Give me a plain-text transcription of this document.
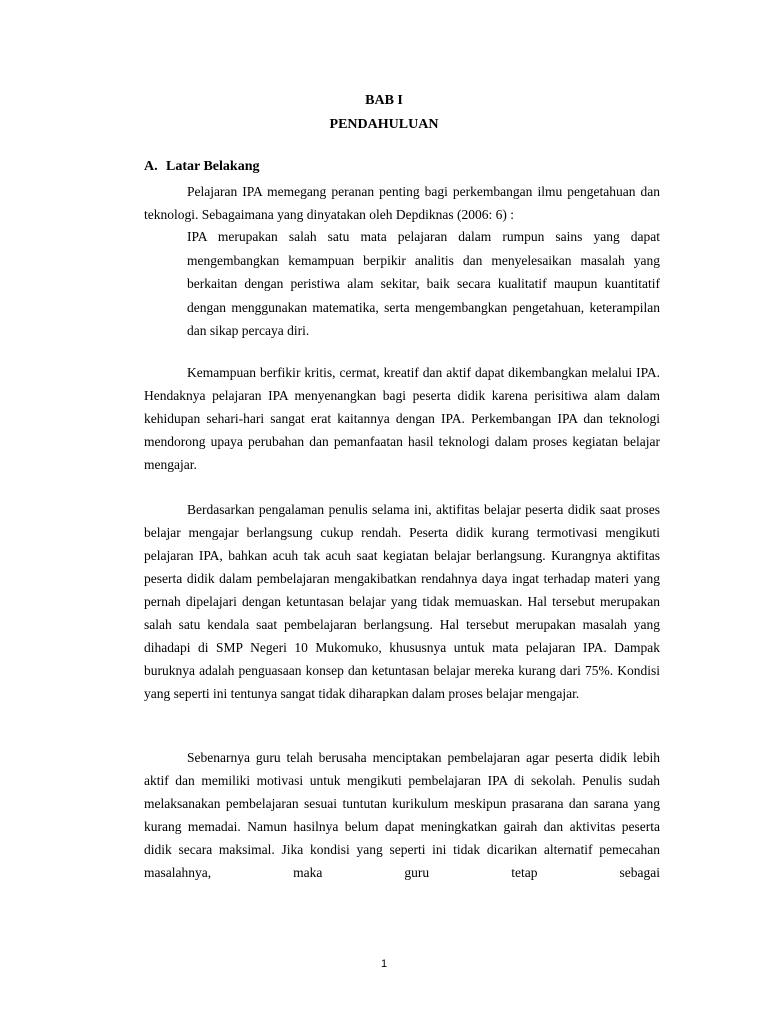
BAB I

PENDAHULUAN

A. Latar Belakang

Pelajaran IPA memegang peranan penting bagi perkembangan ilmu pengetahuan dan teknologi. Sebagaimana yang dinyatakan oleh Depdiknas (2006: 6) :

IPA merupakan salah satu mata pelajaran dalam rumpun sains yang dapat mengembangkan kemampuan berpikir analitis dan menyelesaikan masalah yang berkaitan dengan peristiwa alam sekitar, baik secara kualitatif maupun kuantitatif dengan menggunakan matematika, serta mengembangkan pengetahuan, keterampilan dan sikap percaya diri.

Kemampuan berfikir kritis, cermat, kreatif dan aktif dapat dikembangkan melalui IPA. Hendaknya pelajaran IPA menyenangkan bagi peserta didik karena perisitiwa alam dalam kehidupan sehari-hari sangat erat kaitannya dengan IPA. Perkembangan IPA dan teknologi mendorong upaya perubahan dan pemanfaatan hasil teknologi dalam proses kegiatan belajar mengajar.

Berdasarkan pengalaman penulis selama ini, aktifitas belajar peserta didik saat proses belajar mengajar berlangsung cukup rendah. Peserta didik kurang termotivasi mengikuti pelajaran IPA, bahkan acuh tak acuh saat kegiatan belajar berlangsung. Kurangnya aktifitas peserta didik dalam pembelajaran mengakibatkan rendahnya daya ingat terhadap materi yang pernah dipelajari dengan ketuntasan belajar yang tidak memuaskan. Hal tersebut merupakan salah satu kendala saat pembelajaran berlangsung. Hal tersebut merupakan masalah yang dihadapi di SMP Negeri 10 Mukomuko, khususnya untuk mata pelajaran IPA. Dampak buruknya adalah penguasaan konsep dan ketuntasan belajar mereka kurang dari 75%. Kondisi yang seperti ini tentunya sangat tidak diharapkan dalam proses belajar mengajar.

Sebenarnya guru telah berusaha menciptakan pembelajaran agar peserta didik lebih aktif dan memiliki motivasi untuk mengikuti pembelajaran IPA di sekolah. Penulis sudah melaksanakan pembelajaran sesuai tuntutan kurikulum meskipun prasarana dan sarana yang kurang memadai. Namun hasilnya belum dapat meningkatkan gairah dan aktivitas peserta didik secara maksimal. Jika kondisi yang seperti ini tidak dicarikan alternatif pemecahan masalahnya, maka guru tetap sebagai

1
